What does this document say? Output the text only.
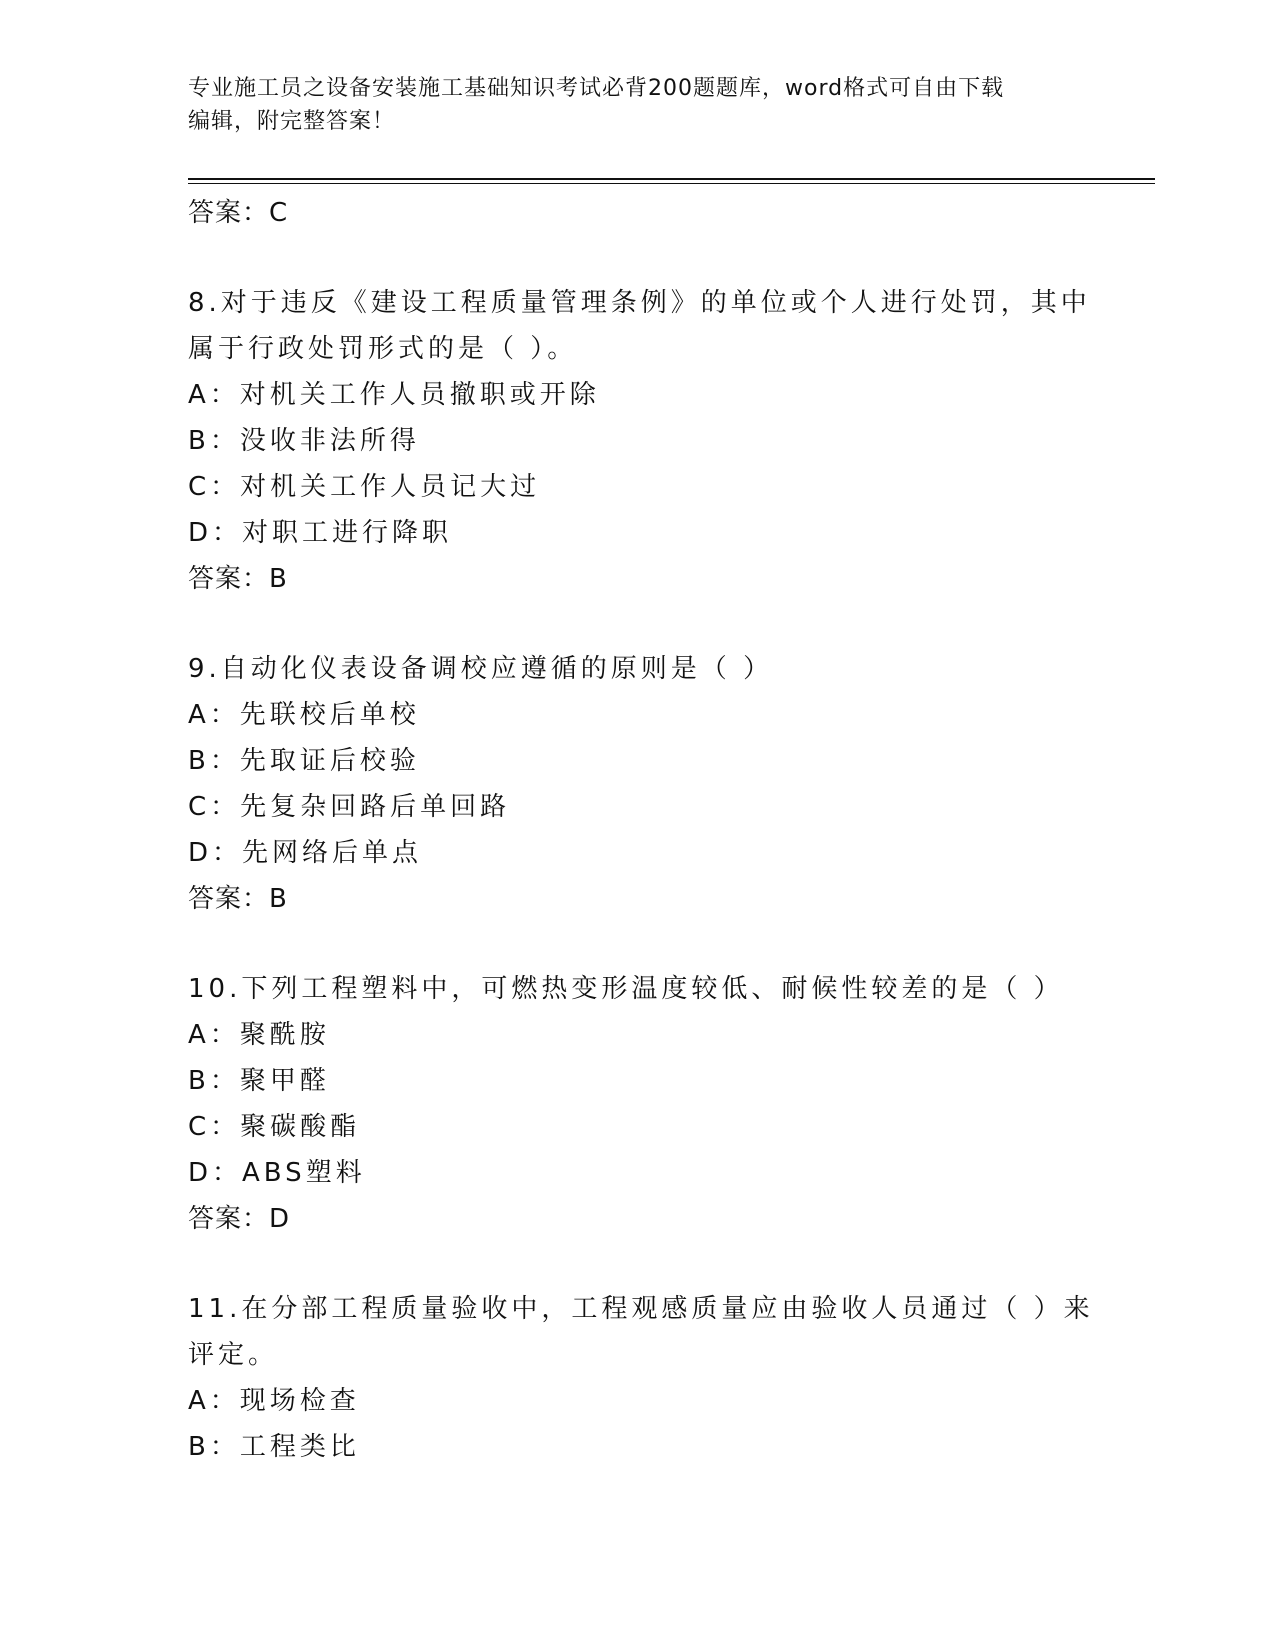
专业施工员之设备安装施工基础知识考试必背200题题库，word格式可自由下载
编辑，附完整答案！
答案：C
8.对于违反《建设工程质量管理条例》的单位或个人进行处罚，其中
属于行政处罚形式的是（ ）。
A：对机关工作人员撤职或开除
B：没收非法所得
C：对机关工作人员记大过
D：对职工进行降职
答案：B
9.自动化仪表设备调校应遵循的原则是（ ）
A：先联校后单校
B：先取证后校验
C：先复杂回路后单回路
D：先网络后单点
答案：B
10.下列工程塑料中，可燃热变形温度较低、耐候性较差的是（ ）
A：聚酰胺
B：聚甲醛
C：聚碳酸酯
D：ABS塑料
答案：D
11.在分部工程质量验收中，工程观感质量应由验收人员通过（ ）来
评定。
A：现场检查
B：工程类比
